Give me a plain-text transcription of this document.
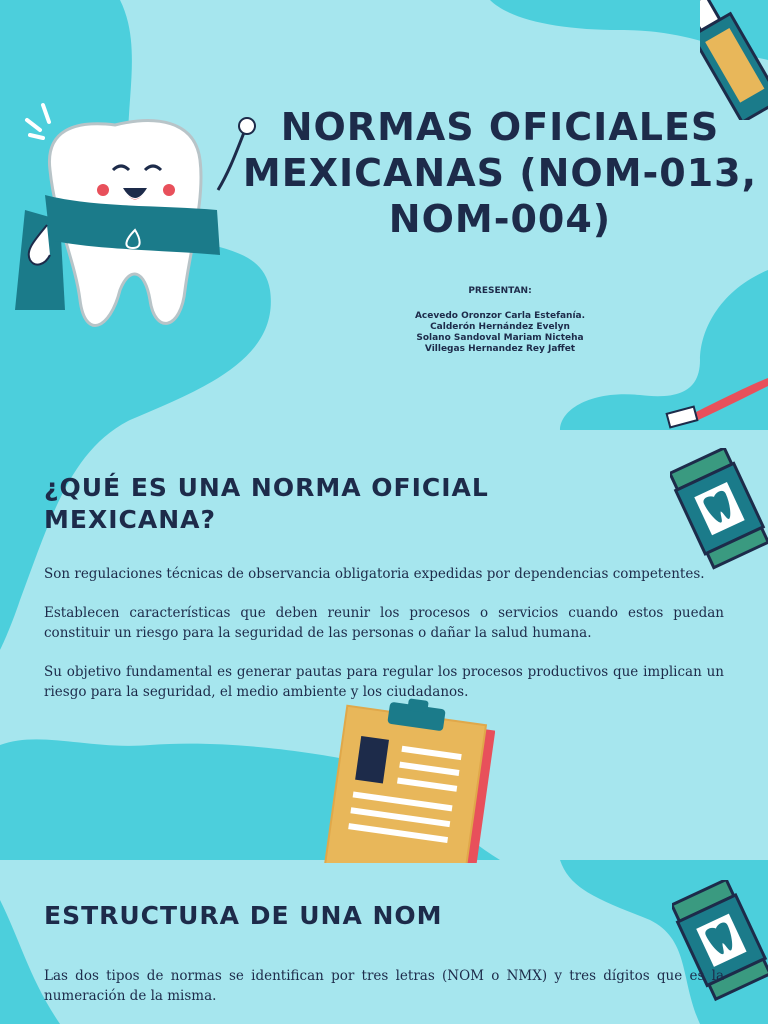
NORMAS OFICIALES MEXICANAS (NOM-013, NOM-004)
PRESENTAN:
Acevedo Oronzor Carla Estefanía.
Calderón Hernández Evelyn
Solano Sandoval Mariam Nicteha
Villegas Hernandez Rey Jaffet
¿QUÉ ES UNA NORMA OFICIAL MEXICANA?

Son regulaciones técnicas de observancia obligatoria expedidas por dependencias competentes.

Establecen características que deben reunir los procesos o servicios cuando estos puedan constituir un riesgo para la seguridad de las personas o dañar la salud humana.

Su objetivo fundamental es generar pautas para regular los procesos productivos que implican un riesgo para la seguridad, el medio ambiente y los ciudadanos.

ESTRUCTURA DE UNA NOM

Las dos tipos de normas se identifican por tres letras (NOM o NMX) y tres dígitos que es la numeración de la misma.
